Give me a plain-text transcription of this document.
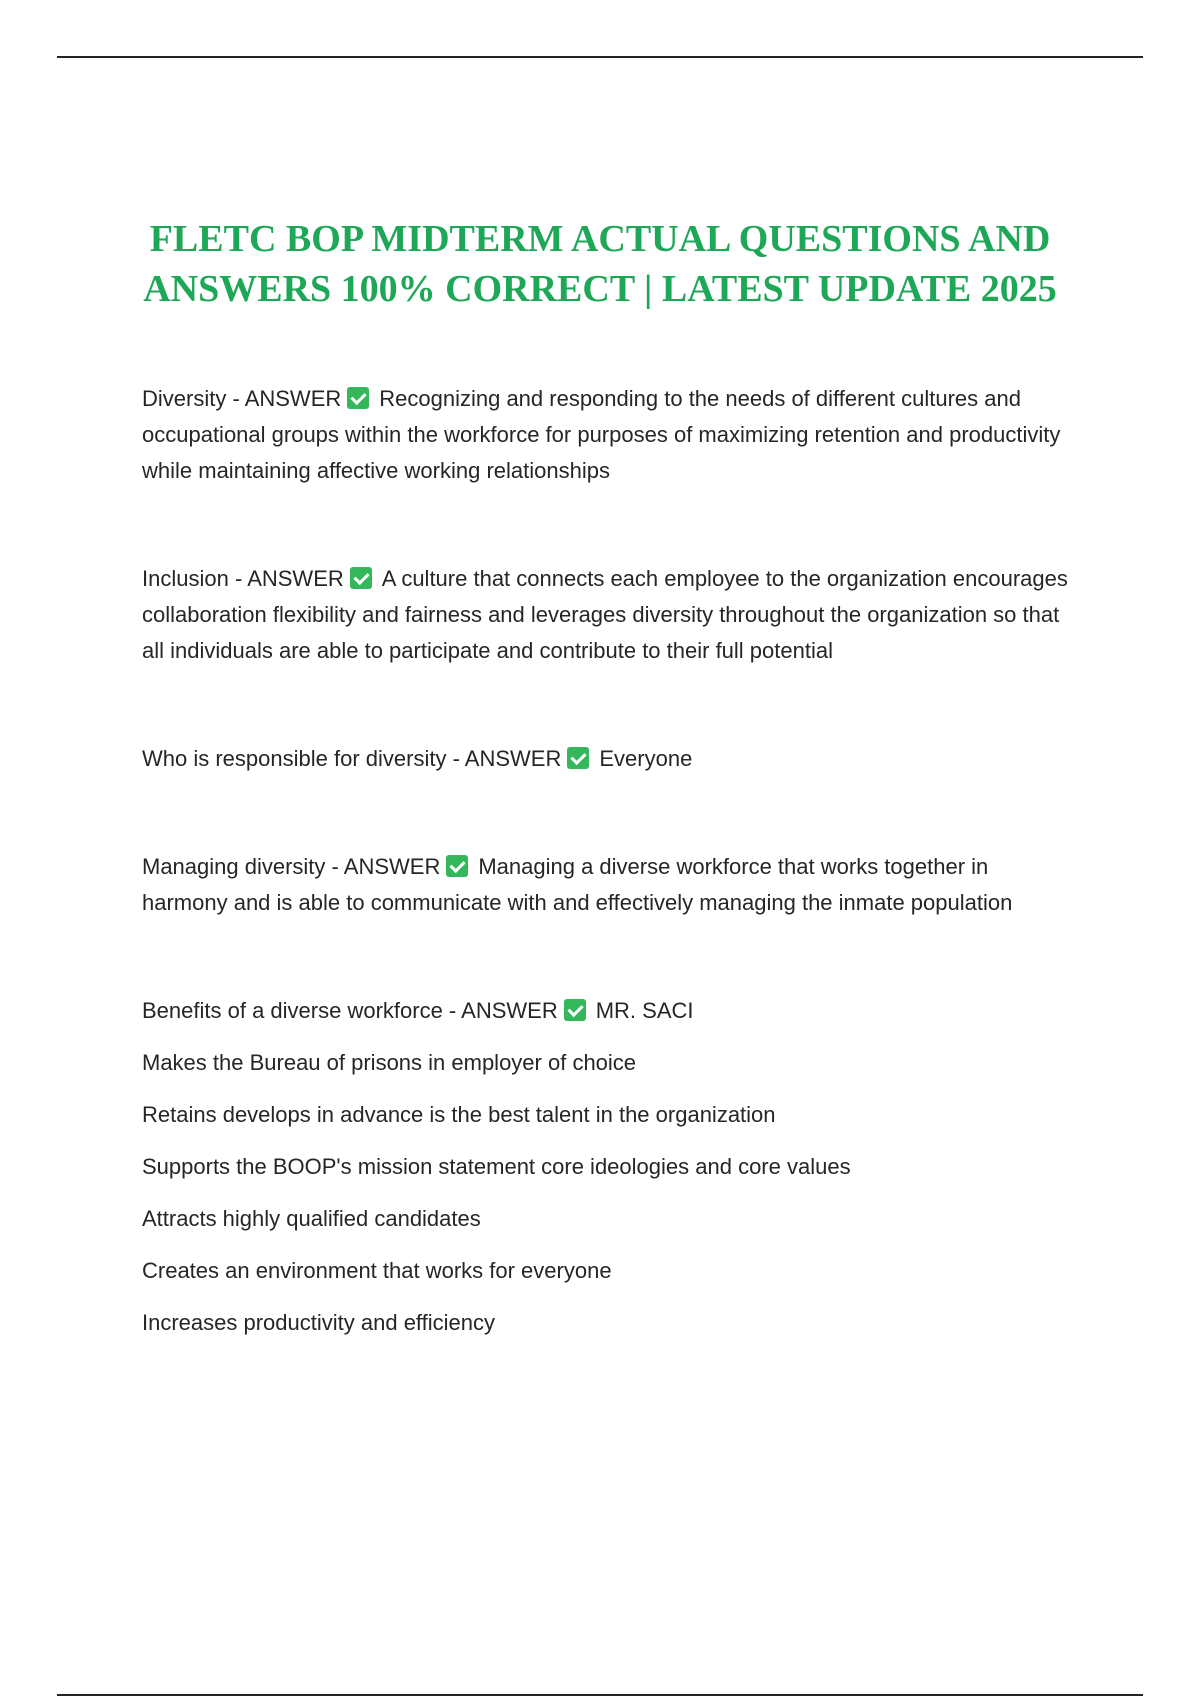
FLETC BOP MIDTERM ACTUAL QUESTIONS AND ANSWERS 100% CORRECT | LATEST UPDATE 2025

Diversity - ANSWER Recognizing and responding to the needs of different cultures and occupational groups within the workforce for purposes of maximizing retention and productivity while maintaining affective working relationships

Inclusion - ANSWER A culture that connects each employee to the organization encourages collaboration flexibility and fairness and leverages diversity throughout the organization so that all individuals are able to participate and contribute to their full potential

Who is responsible for diversity - ANSWER Everyone

Managing diversity - ANSWER Managing a diverse workforce that works together in harmony and is able to communicate with and effectively managing the inmate population

Benefits of a diverse workforce - ANSWER MR. SACI

Makes the Bureau of prisons in employer of choice

Retains develops in advance is the best talent in the organization

Supports the BOOP's mission statement core ideologies and core values

Attracts highly qualified candidates

Creates an environment that works for everyone

Increases productivity and efficiency
